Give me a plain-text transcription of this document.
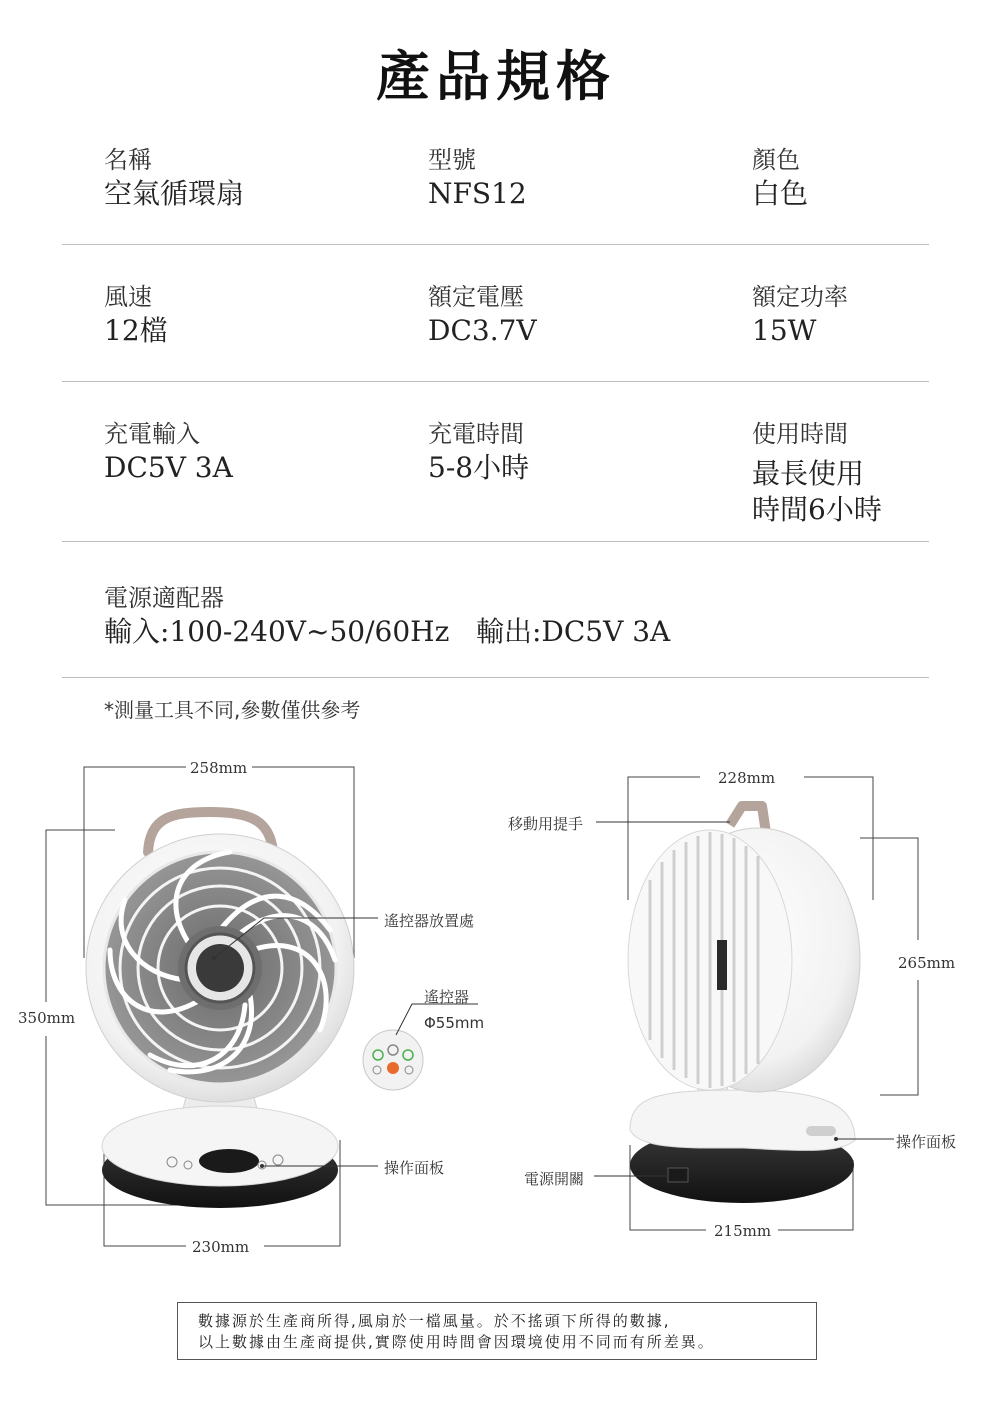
產品規格
名稱
空氣循環扇
型號
NFS12
顏色
白色
風速
12檔
額定電壓
DC3.7V
額定功率
15W
充電輸入
DC5V 3A
充電時間
5-8小時
使用時間
最長使用
時間6小時
電源適配器
輸入:100-240V~50/60Hz 輸出:DC5V 3A
*測量工具不同,參數僅供參考
258mm
350mm
230mm
遙控器放置處
遙控器
Φ55mm
操作面板
228mm
265mm
215mm
移動用提手
操作面板
電源開關
數據源於生產商所得,風扇於一檔風量。於不搖頭下所得的數據,
以上數據由生產商提供,實際使用時間會因環境使用不同而有所差異。
